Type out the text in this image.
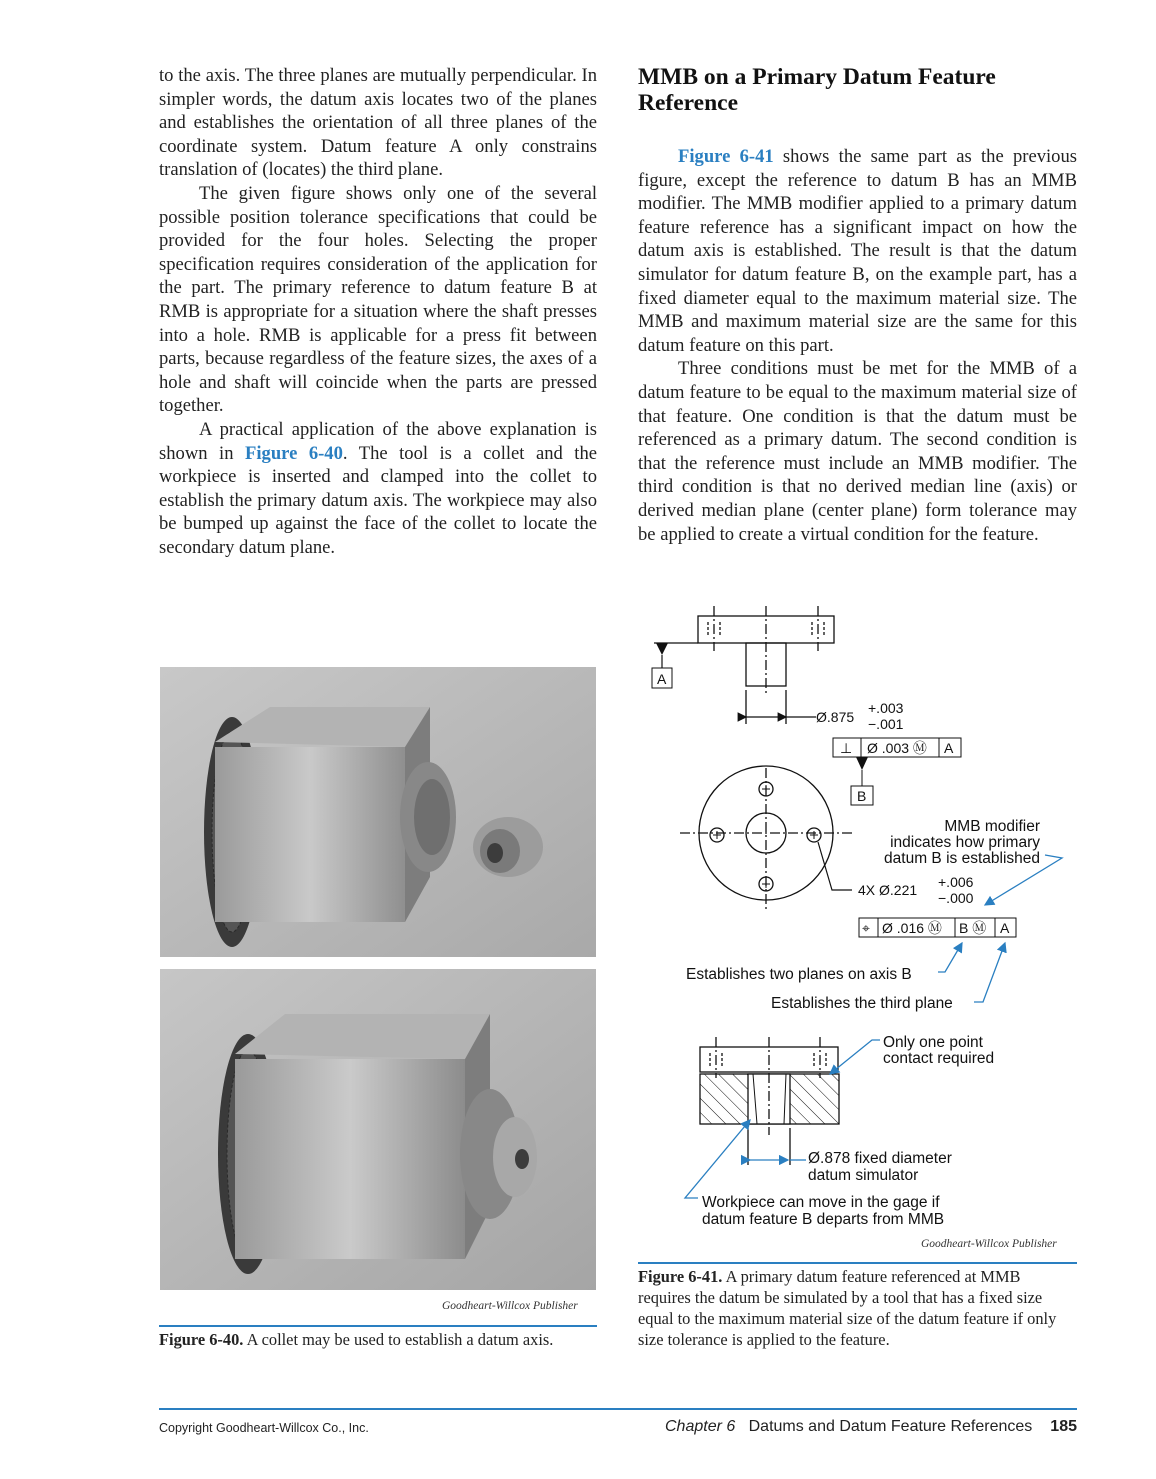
to the axis. The three planes are mutually perpendicular. In simpler words, the datum axis locates two of the planes and establishes the orientation of all three planes of the coordinate system. Datum feature A only constrains translation of (locates) the third plane.

The given figure shows only one of the several possible position tolerance specifications that could be provided for the four holes. Selecting the proper specification requires consideration of the application for the part. The primary reference to datum feature B at RMB is appropriate for a situation where the shaft presses into a hole. RMB is applicable for a press fit between parts, because regardless of the feature sizes, the axes of a hole and shaft will coincide when the parts are pressed together.

A practical application of the above explanation is shown in Figure 6-40. The tool is a collet and the workpiece is inserted and clamped into the collet to establish the primary datum axis. The workpiece may also be bumped up against the face of the collet to locate the secondary datum plane.

MMB on a Primary Datum Feature Reference

Figure 6-41 shows the same part as the previous figure, except the reference to datum B has an MMB modifier. The MMB modifier applied to a primary datum feature reference has a significant impact on how the datum axis is established. The result is that the datum simulator for datum feature B, on the example part, has a fixed diameter equal to the maximum material size. The MMB and maximum material size are the same for this datum feature on this part.

Three conditions must be met for the MMB of a datum feature to be equal to the maximum material size of that feature. One condition is that the datum must be referenced as a primary datum. The second condition is that the reference must include an MMB modifier. The third condition is that no derived median line (axis) or derived median plane (center plane) form tolerance may be applied to create a virtual condition for the feature.

Goodheart-Willcox Publisher
Figure 6-40. A collet may be used to establish a datum axis.
A
Ø.875
+.003
−.001
⊥ Ø .003 Ⓜ A
B
MMB modifier
indicates how primary
datum B is established
4X Ø.221 +.006
−.000
⌖ Ø .016 Ⓜ B Ⓜ A
Establishes two planes on axis B
Establishes the third plane
Only one point
contact required
Ø.878 fixed diameter
datum simulator
Workpiece can move in the gage if
datum feature B departs from MMB
Goodheart-Willcox Publisher
Figure 6-41. A primary datum feature referenced at MMB requires the datum be simulated by a tool that has a fixed size equal to the maximum material size of the datum feature if only size tolerance is applied to the feature.
Copyright Goodheart-Willcox Co., Inc.	Chapter 6 Datums and Datum Feature References 185
